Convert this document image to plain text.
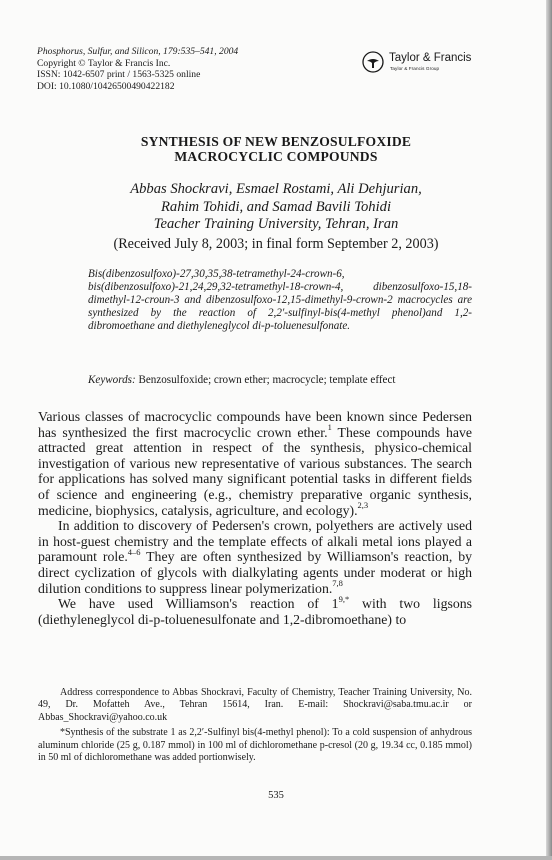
Phosphorus, Sulfur, and Silicon, 179:535–541, 2004
Copyright © Taylor & Francis Inc.
ISSN: 1042-6507 print / 1563-5325 online
DOI: 10.1080/10426500490422182
Taylor & Francis
Taylor & Francis Group
SYNTHESIS OF NEW BENZOSULFOXIDE
MACROCYCLIC COMPOUNDS
Abbas Shockravi, Esmael Rostami, Ali Dehjurian,
Rahim Tohidi, and Samad Bavili Tohidi
Teacher Training University, Tehran, Iran
(Received July 8, 2003; in final form September 2, 2003)
Bis(dibenzosulfoxo)-27,30,35,38-tetramethyl-24-crown-6, bis(dibenzosulfoxo)-21,24,29,32-tetramethyl-18-crown-4, dibenzosulfoxo-15,18-dimethyl-12-croun-3 and dibenzosulfoxo-12,15-dimethyl-9-crown-2 macrocycles are synthesized by the reaction of 2,2′-sulfinyl-bis(4-methyl phenol)and 1,2-dibromoethane and diethyleneglycol di-p-toluenesulfonate.
Keywords: Benzosulfoxide; crown ether; macrocycle; template effect

Various classes of macrocyclic compounds have been known since Pedersen has synthesized the first macrocyclic crown ether.$^1$ These compounds have attracted great attention in respect of the synthesis, physico-chemical investigation of various new representative of various substances. The search for applications has solved many significant potential tasks in different fields of science and engineering (e.g., chemistry preparative organic synthesis, medicine, biophysics, catalysis, agriculture, and ecology).$^{2,3}$

In addition to discovery of Pedersen's crown, polyethers are actively used in host-guest chemistry and the template effects of alkali metal ions played a paramount role.$^{4-6}$ They are often synthesized by Williamson's reaction, by direct cyclization of glycols with dialkylating agents under moderat or high dilution conditions to suppress linear polymerization.$^{7,8}$

We have used Williamson's reaction of $1^{9,*}$ with two ligsons (diethyleneglycol di-p-toluenesulfonate and 1,2-dibromoethane) to

Address correspondence to Abbas Shockravi, Faculty of Chemistry, Teacher Training University, No. 49, Dr. Mofatteh Ave., Tehran 15614, Iran. E-mail: Shockravi@saba.tmu.ac.ir or Abbas_Shockravi@yahoo.co.uk

*Synthesis of the substrate 1 as 2,2′-Sulfinyl bis(4-methyl phenol): To a cold suspension of anhydrous aluminum chloride (25 g, 0.187 mmol) in 100 ml of dichloromethane p-cresol (20 g, 19.34 cc, 0.185 mmol) in 50 ml of dichloromethane was added portionwisely.

535
